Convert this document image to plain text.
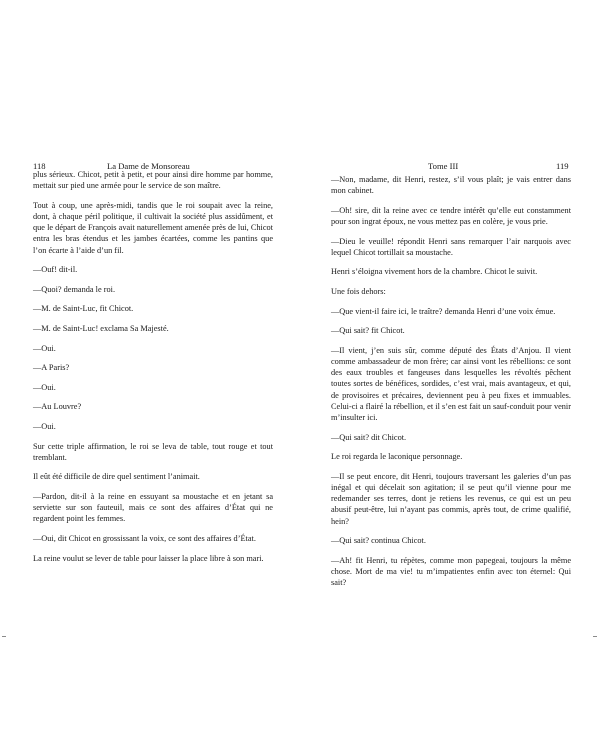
118	La Dame de Monsoreau

plus sérieux. Chicot, petit à petit, et pour ainsi dire homme par homme, mettait sur pied une armée pour le service de son maître.

Tout à coup, une après-midi, tandis que le roi soupait avec la reine, dont, à chaque péril politique, il cultivait la société plus assidûment, et que le départ de François avait naturellement amenée près de lui, Chicot entra les bras étendus et les jambes écartées, comme les pantins que l’on écarte à l’aide d’un fil.

—Ouf! dit-il.

—Quoi? demanda le roi.

—M. de Saint-Luc, fit Chicot.

—M. de Saint-Luc! exclama Sa Majesté.

—Oui.

—A Paris?

—Oui.

—Au Louvre?

—Oui.

Sur cette triple affirmation, le roi se leva de table, tout rouge et tout tremblant.

Il eût été difficile de dire quel sentiment l’animait.

—Pardon, dit-il à la reine en essuyant sa moustache et en jetant sa serviette sur son fauteuil, mais ce sont des affaires d’État qui ne regardent point les femmes.

—Oui, dit Chicot en grossissant la voix, ce sont des affaires d’État.

La reine voulut se lever de table pour laisser la place libre à son mari.

Tome III	119

—Non, madame, dit Henri, restez, s’il vous plaît; je vais entrer dans mon cabinet.

—Oh! sire, dit la reine avec ce tendre intérêt qu’elle eut constamment pour son ingrat époux, ne vous mettez pas en colère, je vous prie.

—Dieu le veuille! répondit Henri sans remarquer l’air narquois avec lequel Chicot tortillait sa moustache.

Henri s’éloigna vivement hors de la chambre. Chicot le suivit.

Une fois dehors:

—Que vient-il faire ici, le traître? demanda Henri d’une voix émue.

—Qui sait? fit Chicot.

—Il vient, j’en suis sûr, comme député des États d’Anjou. Il vient comme ambassadeur de mon frère; car ainsi vont les rébellions: ce sont des eaux troubles et fangeuses dans lesquelles les révoltés pêchent toutes sortes de bénéfices, sordides, c’est vrai, mais avantageux, et qui, de provisoires et précaires, deviennent peu à peu fixes et immuables. Celui-ci a flairé la rébellion, et il s’en est fait un sauf-conduit pour venir m’insulter ici.

—Qui sait? dit Chicot.

Le roi regarda le laconique personnage.

—Il se peut encore, dit Henri, toujours traversant les galeries d’un pas inégal et qui décelait son agitation; il se peut qu’il vienne pour me redemander ses terres, dont je retiens les revenus, ce qui est un peu abusif peut-être, lui n’ayant pas commis, après tout, de crime qualifié, hein?

—Qui sait? continua Chicot.

—Ah! fit Henri, tu répètes, comme mon papegeai, toujours la même chose. Mort de ma vie! tu m’impatientes enfin avec ton éternel: Qui sait?
